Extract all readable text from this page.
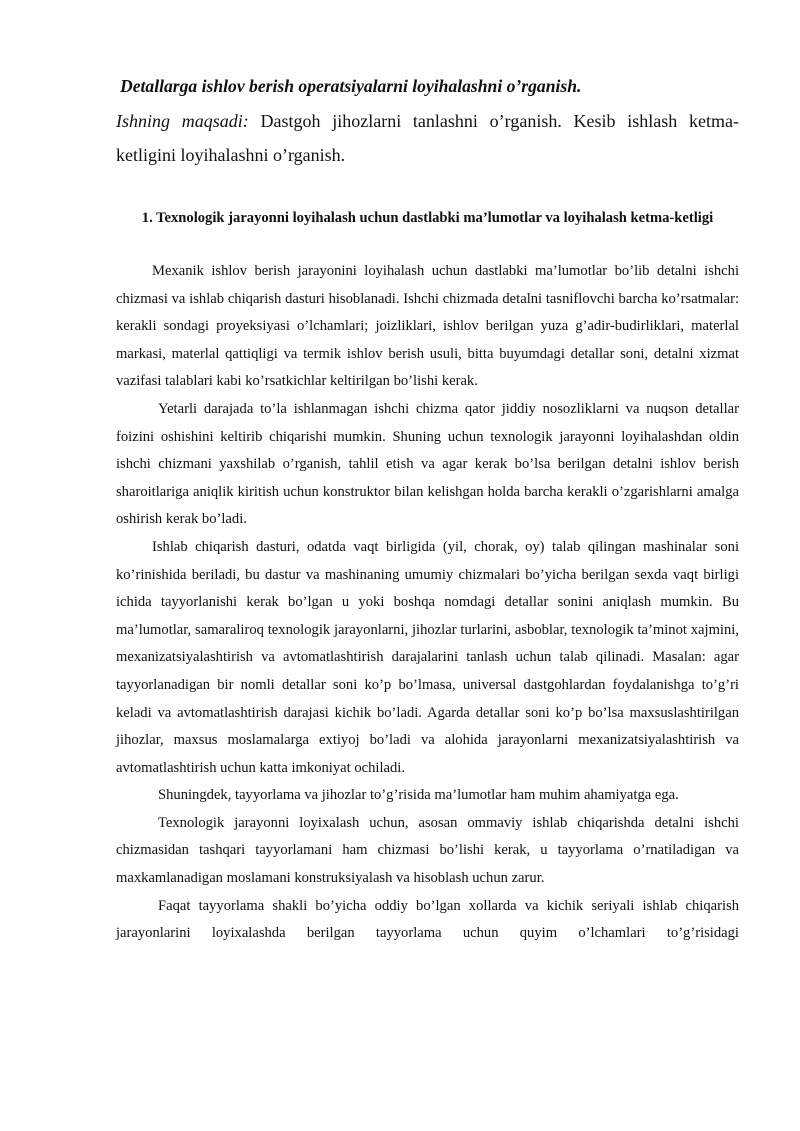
Detallarga ishlov berish operatsiyalarni loyihalashni o’rganish.

Ishning maqsadi: Dastgoh jihozlarni tanlashni o’rganish. Kesib ishlash ketma-ketligini loyihalashni o’rganish.

1. Texnologik jarayonni loyihalash uchun dastlabki ma’lumotlar va loyihalash ketma-ketligi

Mexanik ishlov berish jarayonini loyihalash uchun dastlabki ma’lumotlar bo’lib detalni ishchi chizmasi va ishlab chiqarish dasturi hisoblanadi. Ishchi chizmada detalni tasniflovchi barcha ko’rsatmalar: kerakli sondagi proyeksiyasi o’lchamlari; joizliklari, ishlov berilgan yuza g’adir-budirliklari, materlal markasi, materlal qattiqligi va termik ishlov berish usuli, bitta buyumdagi detallar soni, detalni xizmat vazifasi talablari kabi ko’rsatkichlar keltirilgan bo’lishi kerak.

Yetarli darajada to’la ishlanmagan ishchi chizma qator jiddiy nosozliklarni va nuqson detallar foizini oshishini keltirib chiqarishi mumkin. Shuning uchun texnologik jarayonni loyihalashdan oldin ishchi chizmani yaxshilab o’rganish, tahlil etish va agar kerak bo’lsa berilgan detalni ishlov berish sharoitlariga aniqlik kiritish uchun konstruktor bilan kelishgan holda barcha kerakli o’zgarishlarni amalga oshirish kerak bo’ladi.

Ishlab chiqarish dasturi, odatda vaqt birligida (yil, chorak, oy) talab qilingan mashinalar soni ko’rinishida beriladi, bu dastur va mashinaning umumiy chizmalari bo’yicha berilgan sexda vaqt birligi ichida tayyorlanishi kerak bo’lgan u yoki boshqa nomdagi detallar sonini aniqlash mumkin. Bu ma’lumotlar, samaraliroq texnologik jarayonlarni, jihozlar turlarini, asboblar, texnologik ta’minot xajmini, mexanizatsiyalashtirish va avtomatlashtirish darajalarini tanlash uchun talab qilinadi. Masalan: agar tayyorlanadigan bir nomli detallar soni ko’p bo’lmasa, universal dastgohlardan foydalanishga to’g’ri keladi va avtomatlashtirish darajasi kichik bo’ladi. Agarda detallar soni ko’p bo’lsa maxsuslashtirilgan jihozlar, maxsus moslamalarga extiyoj bo’ladi va alohida jarayonlarni mexanizatsiyalashtirish va avtomatlashtirish uchun katta imkoniyat ochiladi.

Shuningdek, tayyorlama va jihozlar to’g’risida ma’lumotlar ham muhim ahamiyatga ega.

Texnologik jarayonni loyixalash uchun, asosan ommaviy ishlab chiqarishda detalni ishchi chizmasidan tashqari tayyorlamani ham chizmasi bo’lishi kerak, u tayyorlama o’rnatiladigan va maxkamlanadigan moslamani konstruksiyalash va hisoblash uchun zarur.

Faqat tayyorlama shakli bo’yicha oddiy bo’lgan xollarda va kichik seriyali ishlab chiqarish jarayonlarini loyixalashda berilgan tayyorlama uchun quyim o’lchamlari to’g’risidagi
